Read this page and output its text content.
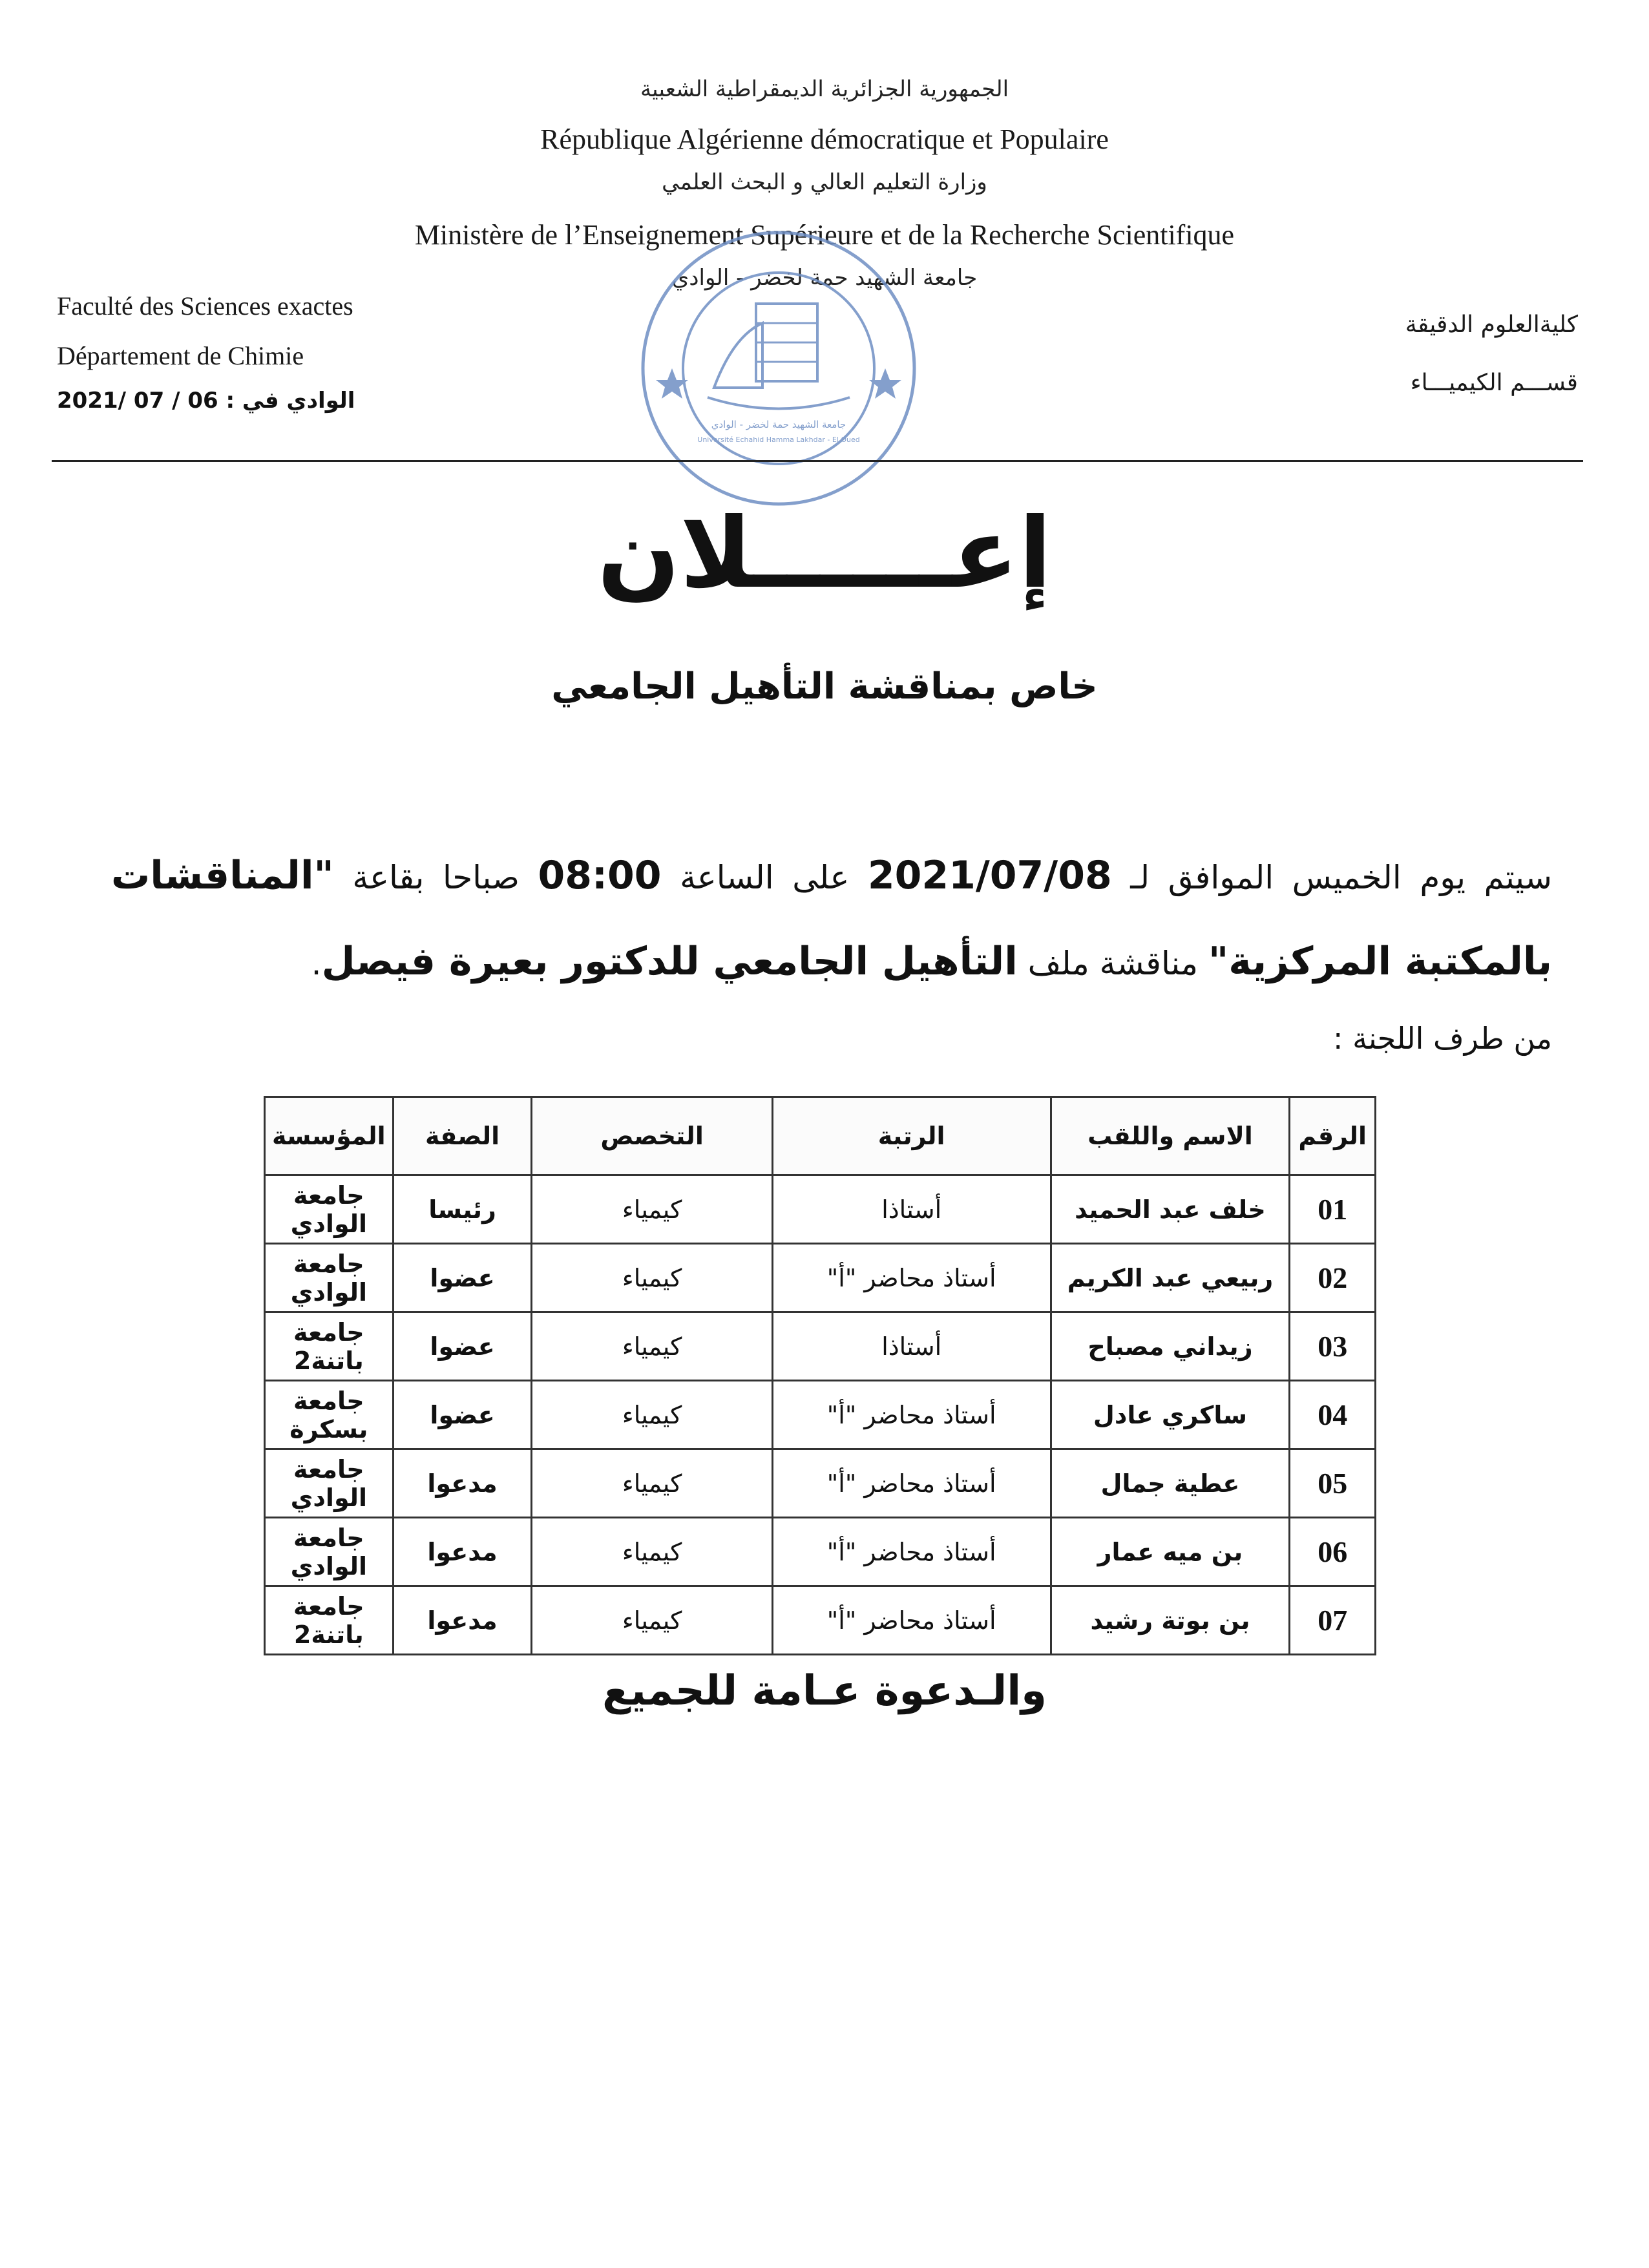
الجمهورية الجزائرية الديمقراطية الشعبية
République Algérienne démocratique et Populaire
وزارة التعليم العالي و البحث العلمي
Ministère de l’Enseignement Supérieure et de la Recherche Scientifique
جامعة الشهيد حمة لخضر - الوادي
Faculté des Sciences exactes
Département de Chimie
الوادي في : 06 / 07 /2021
كليةالعلوم الدقيقة
قســـم الكيميـــاء
جامعة الشهيد حمة لخضر - الوادي
Université Echahid Hamma Lakhdar - El Oued
إعــــــلان
خاص بمناقشة التأهيل الجامعي
سيتم يوم الخميس الموافق لـ 2021/07/08 على الساعة 08:00 صباحا بقاعة "المناقشات بالمكتبة المركزية" مناقشة ملف التأهيل الجامعي للدكتور بعيرة فيصل.
من طرف اللجنة :
الرقم	الاسم واللقب	الرتبة	التخصص	الصفة	المؤسسة
01	خلف عبد الحميد	أستاذا	كيمياء	رئيسا	جامعة الوادي
02	ربيعي عبد الكريم	أستاذ محاضر "أ"	كيمياء	عضوا	جامعة الوادي
03	زيداني مصباح	أستاذا	كيمياء	عضوا	جامعة باتنة2
04	ساكري عادل	أستاذ محاضر "أ"	كيمياء	عضوا	جامعة بسكرة
05	عطية جمال	أستاذ محاضر "أ"	كيمياء	مدعوا	جامعة الوادي
06	بن ميه عمار	أستاذ محاضر "أ"	كيمياء	مدعوا	جامعة الوادي
07	بن بوتة رشيد	أستاذ محاضر "أ"	كيمياء	مدعوا	جامعة باتنة2
والـدعوة عـامة للجميع
